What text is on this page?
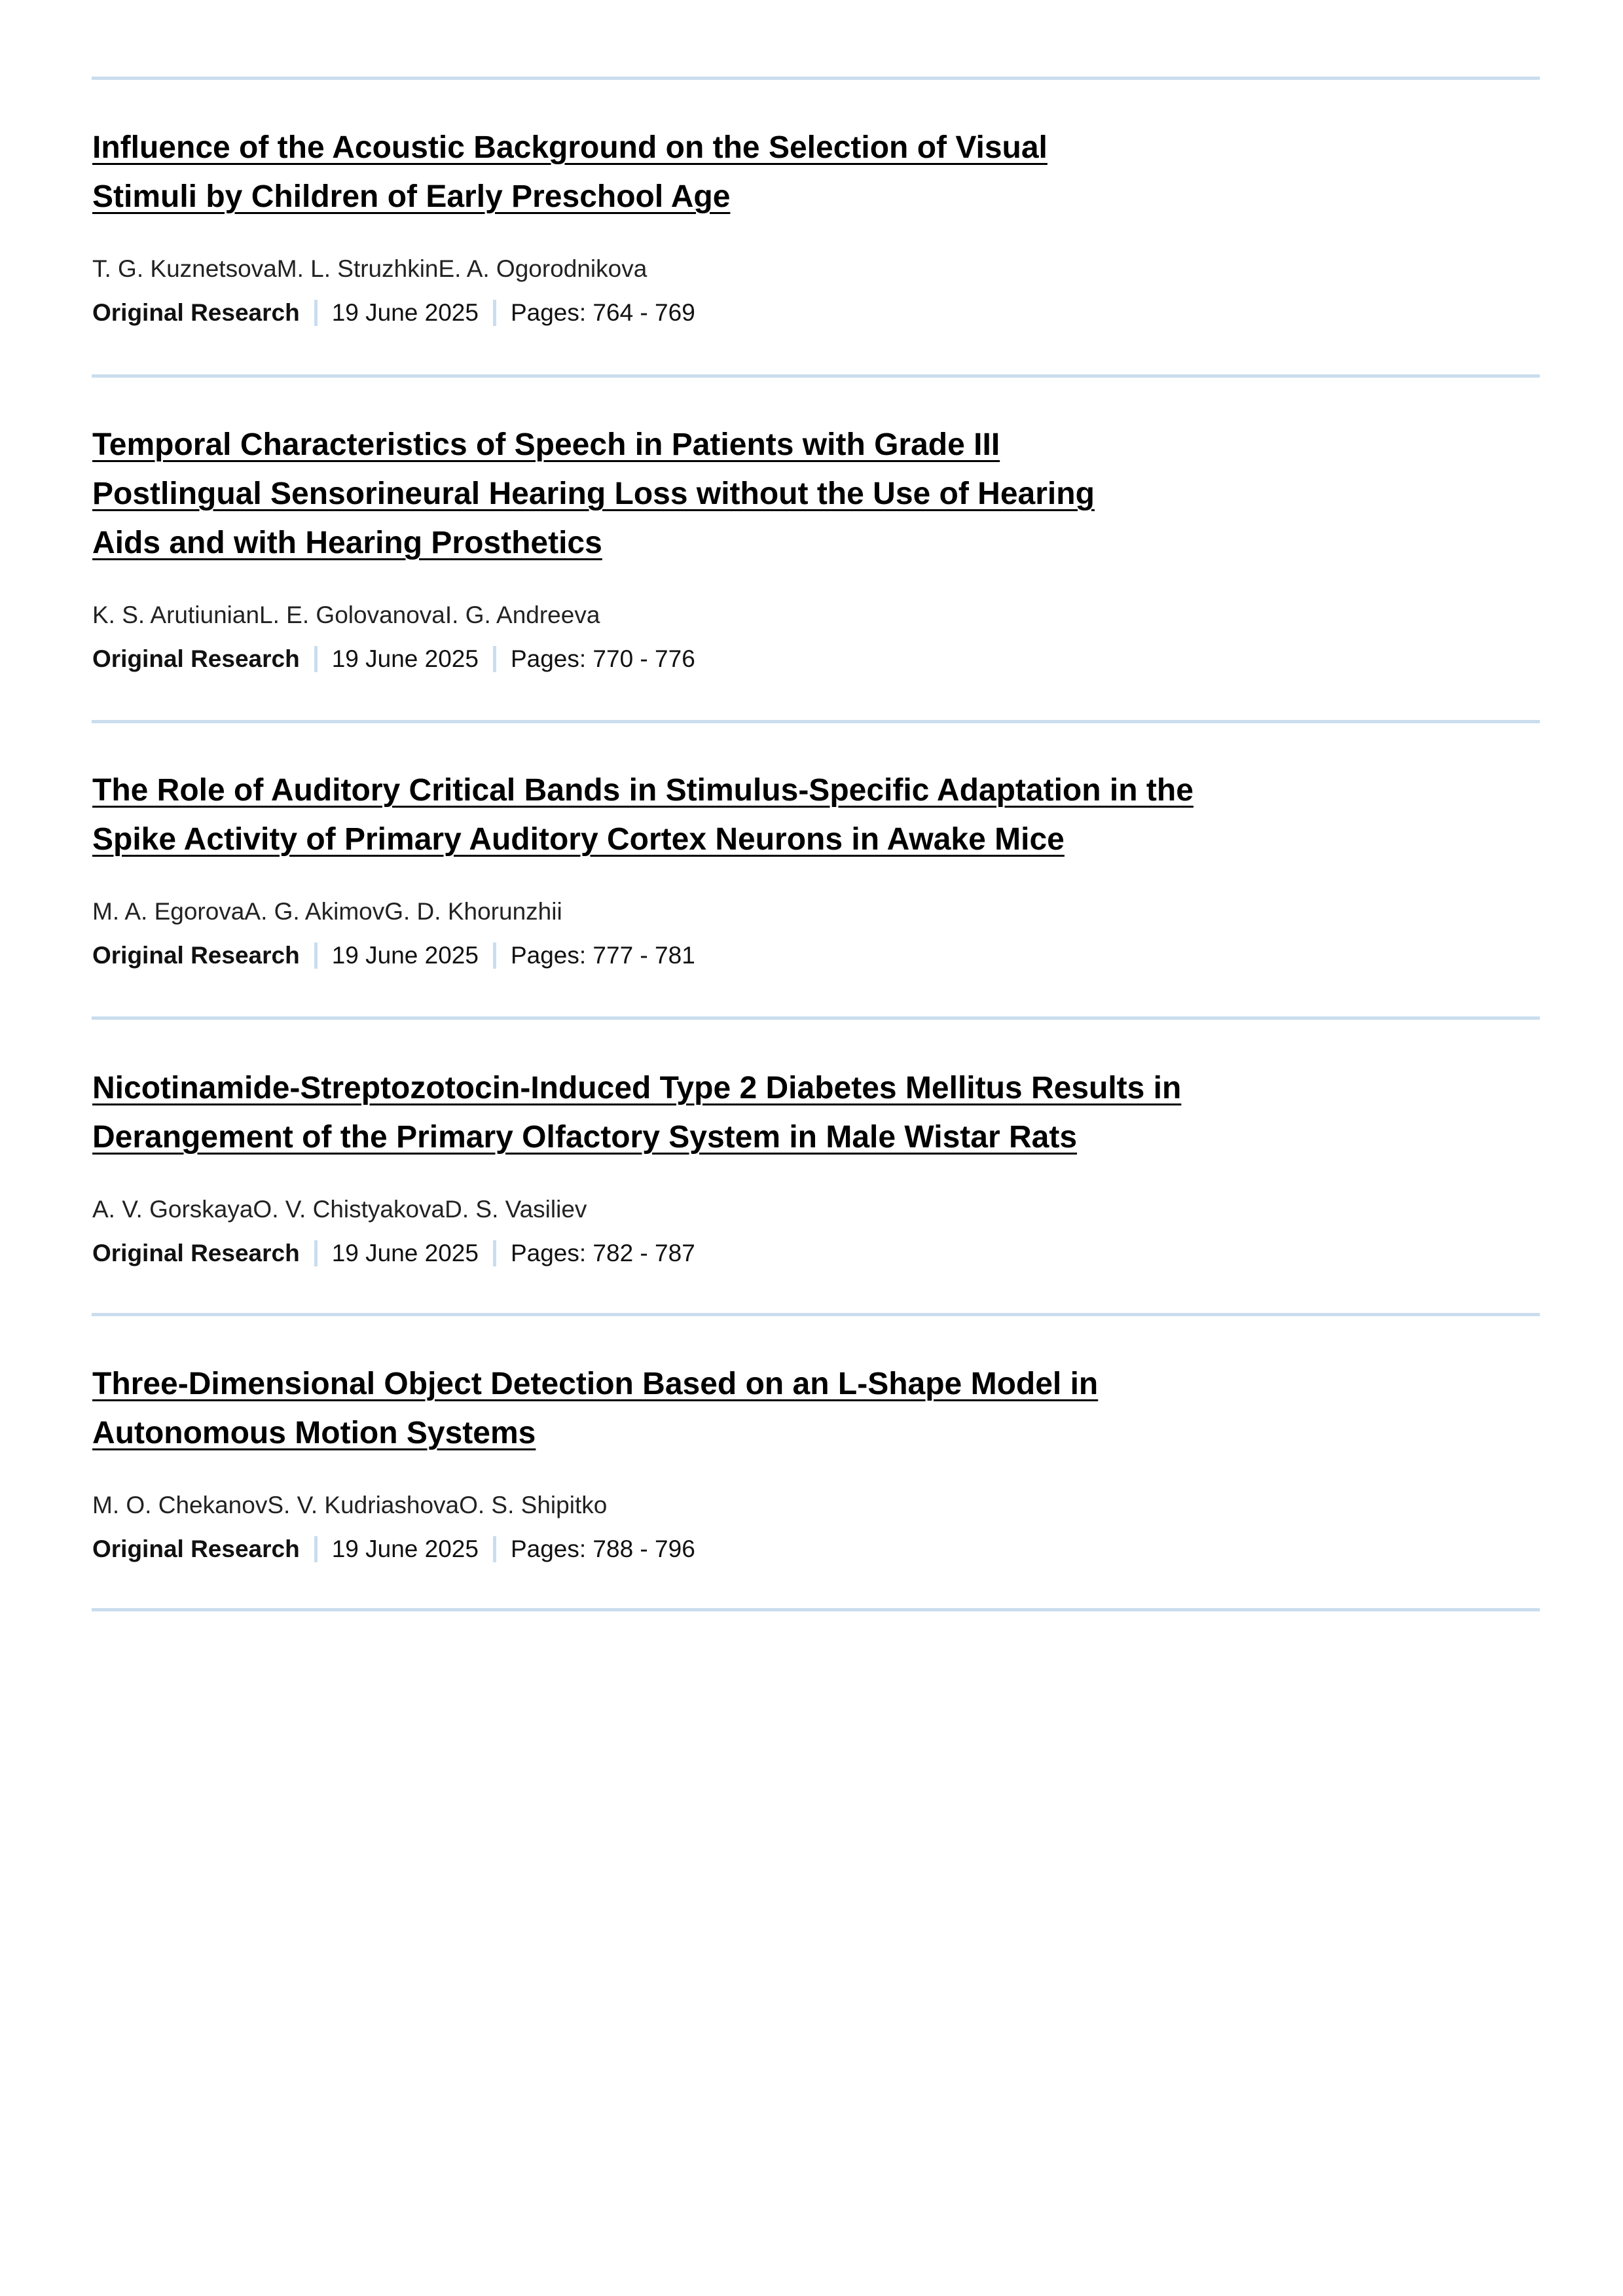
Influence of the Acoustic Background on the Selection of Visual Stimuli by Children of Early Preschool Age
T. G. KuznetsovaM. L. StruzhkinE. A. Ogorodnikova
Original Research 19 June 2025 Pages: 764 - 769
Temporal Characteristics of Speech in Patients with Grade III Postlingual Sensorineural Hearing Loss without the Use of Hearing Aids and with Hearing Prosthetics
K. S. ArutiunianL. E. GolovanovaI. G. Andreeva
Original Research 19 June 2025 Pages: 770 - 776
The Role of Auditory Critical Bands in Stimulus-Specific Adaptation in the Spike Activity of Primary Auditory Cortex Neurons in Awake Mice
M. A. EgorovaA. G. AkimovG. D. Khorunzhii
Original Research 19 June 2025 Pages: 777 - 781
Nicotinamide-Streptozotocin-Induced Type 2 Diabetes Mellitus Results in Derangement of the Primary Olfactory System in Male Wistar Rats
A. V. GorskayaO. V. ChistyakovaD. S. Vasiliev
Original Research 19 June 2025 Pages: 782 - 787
Three-Dimensional Object Detection Based on an L-Shape Model in Autonomous Motion Systems
M. O. ChekanovS. V. KudriashovaO. S. Shipitko
Original Research 19 June 2025 Pages: 788 - 796
